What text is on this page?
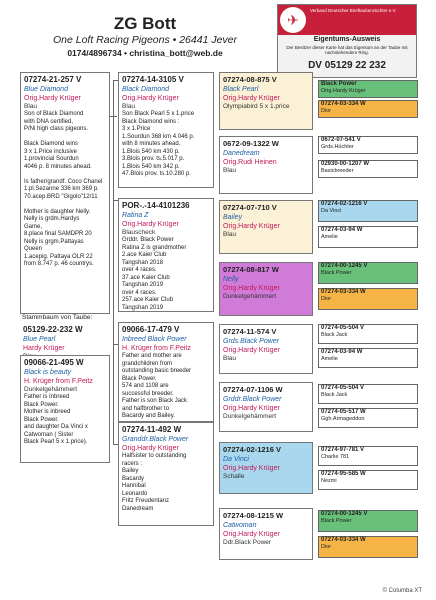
ZG Bott
One Loft Racing Pigeons • 26441 Jever
0174/4896734 • christina_bott@web.de
✈
Verband Deutscher Brieftaubenzüchter e.V.
Eigentums-Ausweis
Der Besitzer dieser Karte hat das Eigentum an der Taube mit nachstehendem Ring.
DV 05129 22 232
07274-21-257 V
Blue Diamond
Orig.Hardy Krüger
Blau
Son of Black Diamond
with DNA certified,
P/Ni high class pigeons.

Black Diamond wins
3 x 1.Price inclusive
1.provincial Sourdun
4046 p. 8 minutes ahead.

Is father/grandf. Coco Chanel
1.pl.Sezanne 336 km 369 p.
70.acep.BRD "Gigolo"12/11

Mother is daughter Nelly.
Nelly is grdm.Hardys
Game,
8.place final SAMDPR 20
Nelly is grgm.Pattayas
Queen
1.acepig. Pattaya OLR 22
from 8.747 p. 46 countrys.
Stammbaum von Taube:
05129-22-232 W
Blue Pearl
Hardy Krüger
09066-21-495 W
Black is beauty
H. Krüger from F.Peitz
Dunkelgehämmert
Father is Inbreed
Black Power.
Mother is inbreed
Black Power.
and daughter Da Vinci x
Catwoman ( Sister
Black Pearl 5 x 1.price).
07274-14-3105 V
Black Diamond
Orig.Hardy Krüger
Blau
Son Black Pearl 5 x 1.price
Black Diamond wins :
3 x 1.Price
1.Sourdun 368 km 4.046 p.
with 8 minutes ahead.
1.Blois 540 km 430 p.
3.Blois prov. ts.5.017 p.
1.Blois 540 km 342 p.
47.Blois prov. ts.10.280 p.
POR-.-14-4101236
Ratina Z
Orig.Hardy Krüger
Blauscheck
Grddr. Black Power
Ratina Z is grandmother
2.ace Kaier Club
Tangshan 2018
over 4 races.
37.ace Kaier Club
Tangshan 2019
over 4 races.
257.ace Kaier Club
Tangshan 2019
09066-17-479 V
Inbreed Black Power
H. Krüger from F.Peitz
Father and mother are
grandchildren from
outstanding basic breeder
Black Power.
574 and 1108 are
successful breeder.
Father is son Black Jack
and halfbrother to
Bacardy and Bailey.
07274-11-492 W
Granddr.Black Power
Orig.Hardy Krüger
Halfsister to outstanding
racers :
Bailey
Bacardy
Hannibal
Leonardo
Fritz Freudentanz
Danedream
07274-08-875 V
Black Pearl
Orig.Hardy Krüger
Olympiabird 5 x 1.price
0672-09-1322 W
Danedream
Orig.Rudi Heinen
Blau
07274-07-710 V
Bailey
Orig.Hardy Krüger
Blau
07274-08-817 W
Nelly
Orig.Hardy Krüger
Dunkelgehämmert
07274-11-574 V
Grds.Black Power
Orig.Hardy Krüger
Blau
07274-07-1106 W
Grddr.Black Power
Orig.Hardy Krüger
Dunkelgehämmert
07274-02-1216 V
Da Vinci
Orig.Hardy Krüger
Schalle
07274-08-1215 W
Catwoman
Orig.Hardy Krüger
Ddr.Black Power
Black Power
Orig.Hardy Krüger
07274-03-334 W
Dior
0672-07-541 V
Grds.Hüchter
02930-00-1207 W
Basicbreeder
07274-02-1216 V
Da Vinci
07274-03-94 W
Amelie
07274-00-1245 V
Black Power
07274-03-334 W
Dior
07274-05-504 V
Black Jack
07274-03-94 W
Amelie
07274-05-504 V
Black Jack
07274-05-517 W
Ggh.Armageddon
07274-97-781 V
Charlie 781
07274-95-585 W
Nezmi
07274-00-1245 V
Black Power
07274-03-334 W
Dior
© Columba XT
